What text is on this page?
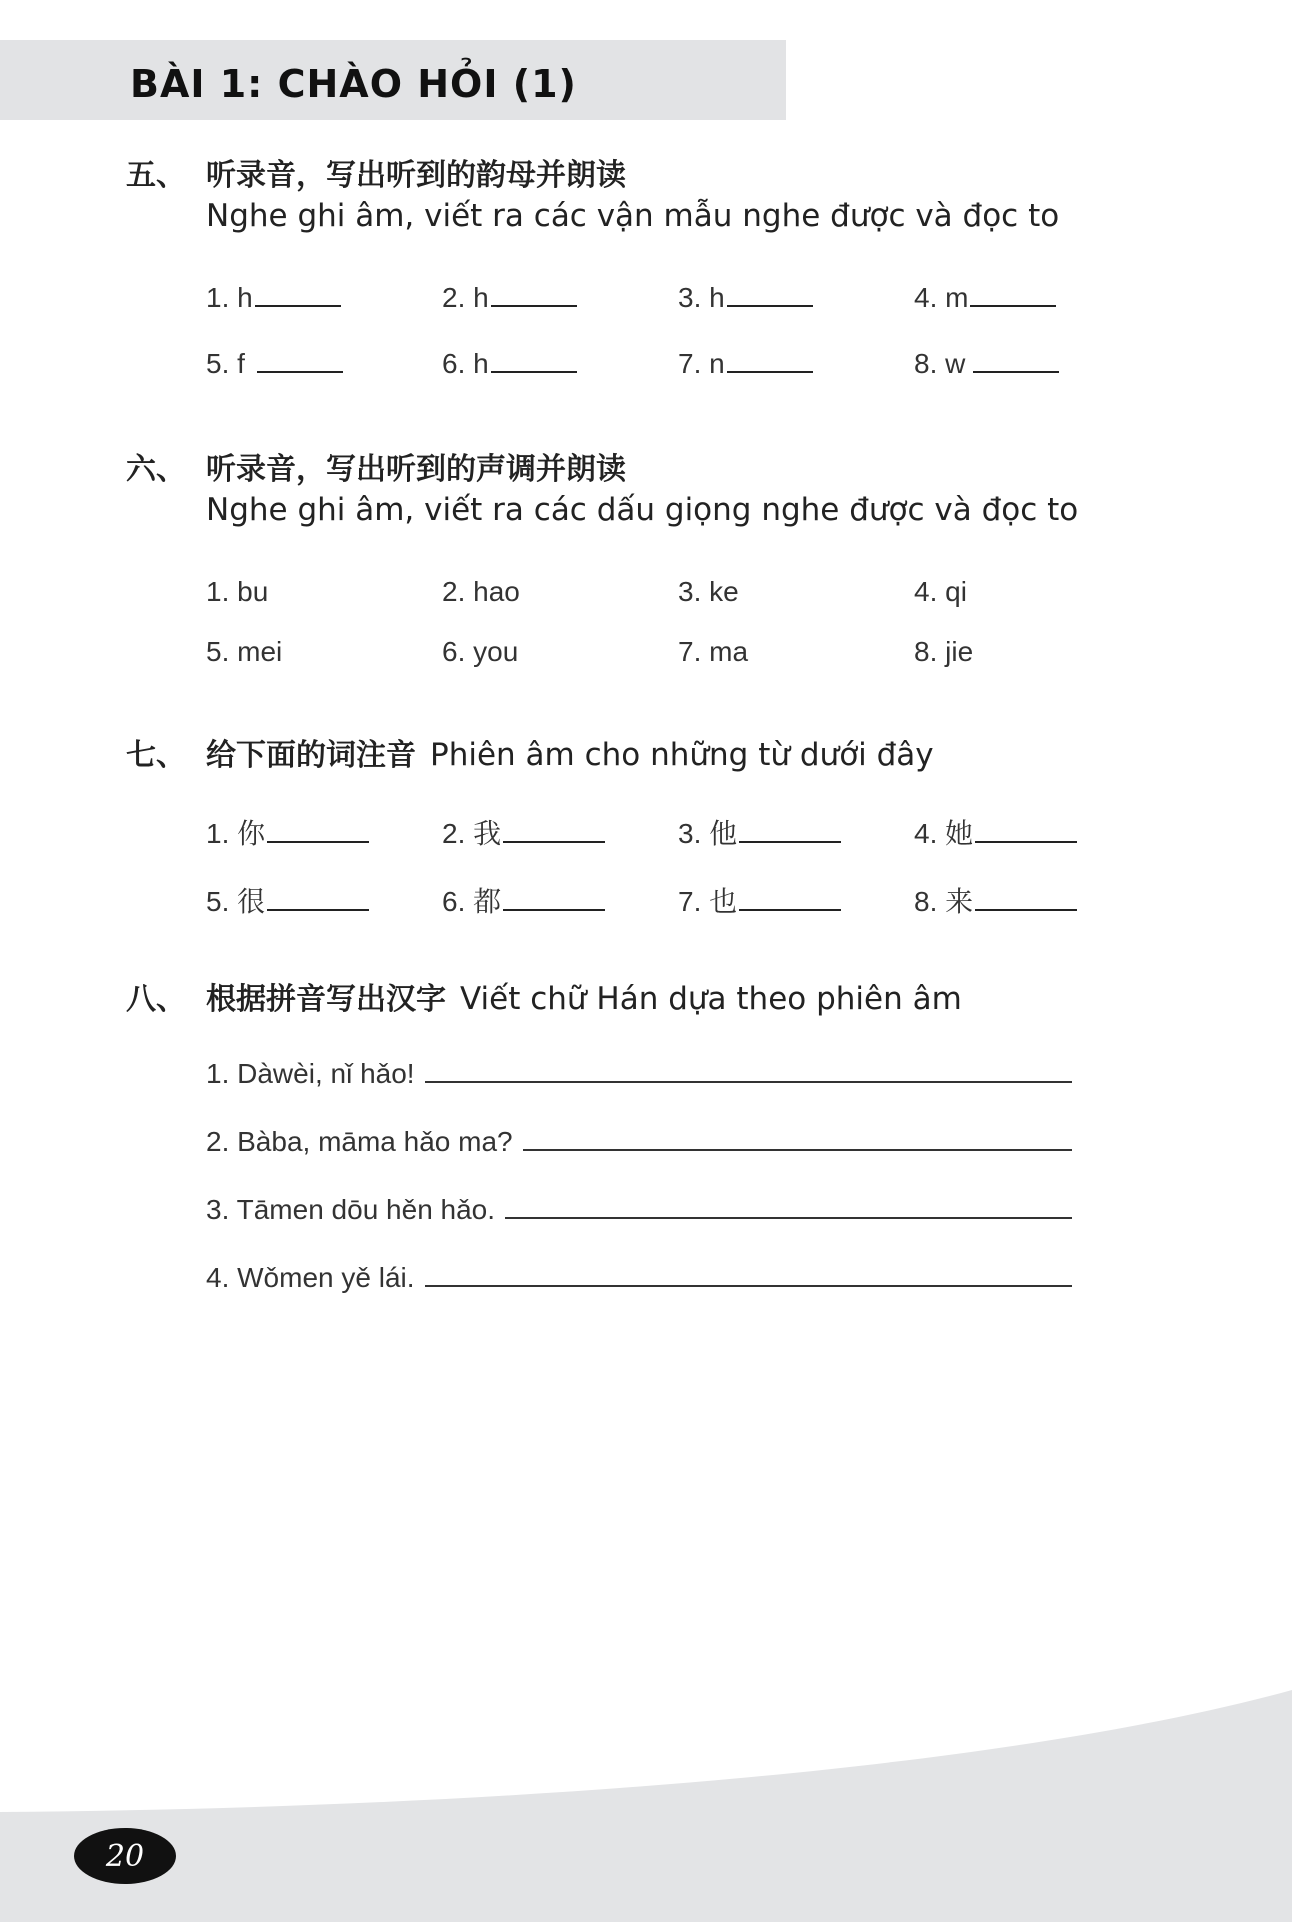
BÀI 1: CHÀO HỎI (1)
五、 听录音，写出听到的韵母并朗读
Nghe ghi âm, viết ra các vận mẫu nghe được và đọc to
1. h	2. h	3. h	4. m
5. f	6. h	7. n	8. w
六、 听录音，写出听到的声调并朗读
Nghe ghi âm, viết ra các dấu giọng nghe được và đọc to
1. bu	2. hao	3. ke	4. qi
5. mei	6. you	7. ma	8. jie
七、 给下面的词注音 Phiên âm cho những từ dưới đây
1. 你	2. 我	3. 他	4. 她
5. 很	6. 都	7. 也	8. 来
八、 根据拼音写出汉字 Viết chữ Hán dựa theo phiên âm
1. Dàwèi, nǐ hǎo!
2. Bàba, māma hǎo ma?
3. Tāmen dōu hěn hǎo.
4. Wǒmen yě lái.
20
